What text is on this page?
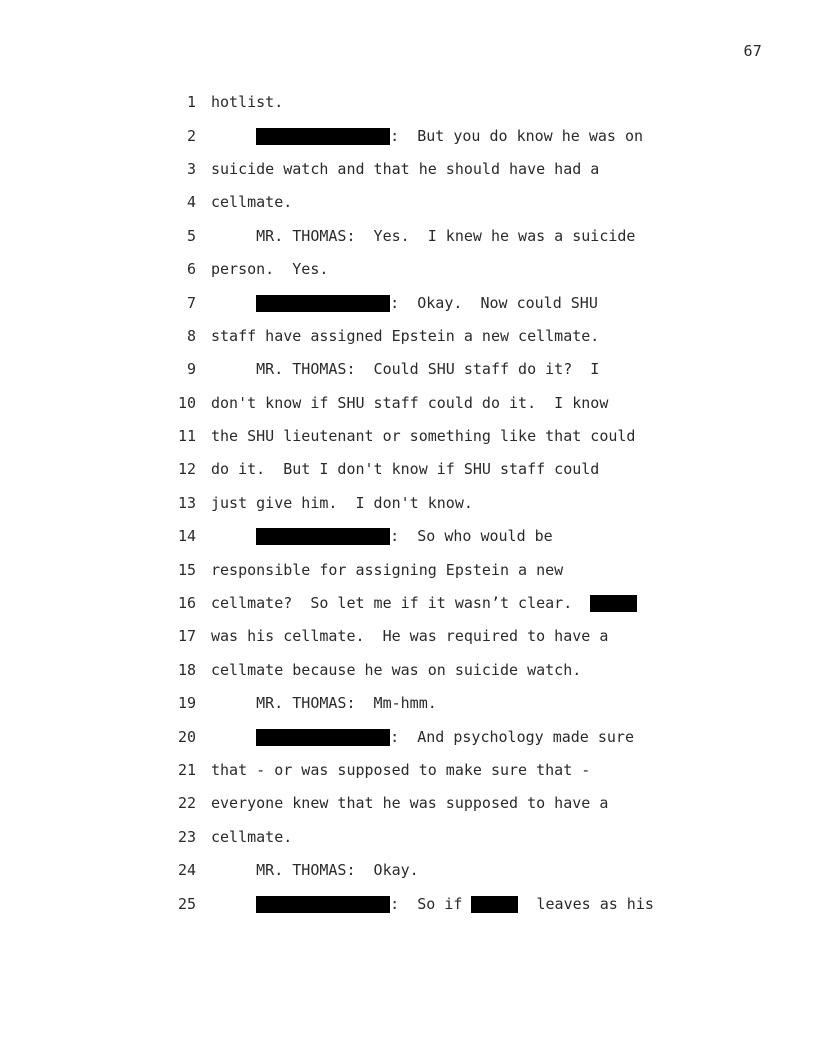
67
1	hotlist.
2
	:  But you do know he was on
3	suicide watch and that he should have had a
4	cellmate.
5	MR. THOMAS:  Yes.  I knew he was a suicide
6	person.  Yes.
7
	:  Okay.  Now could SHU
8	staff have assigned Epstein a new cellmate.
9	MR. THOMAS:  Could SHU staff do it?  I
10	don't know if SHU staff could do it.  I know
11	the SHU lieutenant or something like that could
12	do it.  But I don't know if SHU staff could
13	just give him.  I don't know.
14
	:  So who would be
15	responsible for assigning Epstein a new
16	cellmate?  So let me if it wasn’t clear.
17	was his cellmate.  He was required to have a
18	cellmate because he was on suicide watch.
19	MR. THOMAS:  Mm-hmm.
20
	:  And psychology made sure
21	that - or was supposed to make sure that -
22	everyone knew that he was supposed to have a
23	cellmate.
24	MR. THOMAS:  Okay.
25
	:  So if	leaves as his
